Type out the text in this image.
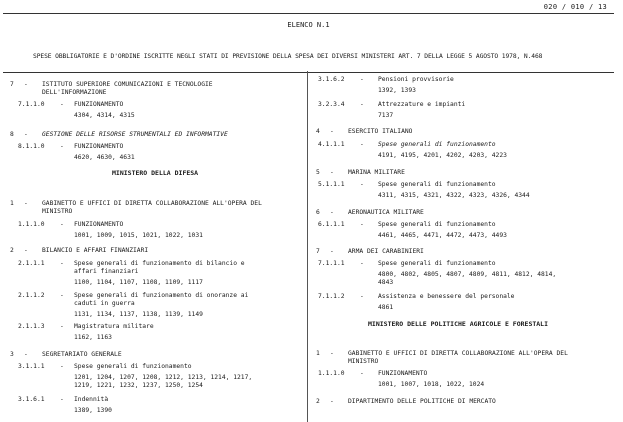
020 / 010 / 13
ELENCO N.1
SPESE OBBLIGATORIE E D'ORDINE ISCRITTE NEGLI STATI DI PREVISIONE DELLA SPESA DEI DIVERSI MINISTERI ART. 7 DELLA LEGGE 5 AGOSTO 1978, N.468
7 - ISTITUTO SUPERIORE COMUNICAZIONI E TECNOLOGIE
DELL'INFORMAZIONE
7.1.1.0 - FUNZIONAMENTO
4304, 4314, 4315
8 - GESTIONE DELLE RISORSE STRUMENTALI ED INFORMATIVE
8.1.1.0 - FUNZIONAMENTO
4620, 4630, 4631
MINISTERO DELLA DIFESA
1 - GABINETTO E UFFICI DI DIRETTA COLLABORAZIONE ALL'OPERA DEL
MINISTRO
1.1.1.0 - FUNZIONAMENTO
1001, 1009, 1015, 1021, 1022, 1031
2 - BILANCIO E AFFARI FINANZIARI
2.1.1.1 - Spese generali di funzionamento di bilancio e
affari finanziari
1100, 1104, 1107, 1108, 1109, 1117
2.1.1.2 - Spese generali di funzionamento di onoranze ai
caduti in guerra
1131, 1134, 1137, 1138, 1139, 1149
2.1.1.3 - Magistratura militare
1162, 1163
3 - SEGRETARIATO GENERALE
3.1.1.1 - Spese generali di funzionamento
1201, 1204, 1207, 1208, 1212, 1213, 1214, 1217,
1219, 1221, 1232, 1237, 1250, 1254
3.1.6.1 - Indennità
1389, 1390
3.1.6.2 - Pensioni provvisorie
1392, 1393
3.2.3.4 - Attrezzature e impianti
7137
4 - ESERCITO ITALIANO
4.1.1.1 - Spese generali di funzionamento
4191, 4195, 4201, 4202, 4203, 4223
5 - MARINA MILITARE
5.1.1.1 - Spese generali di funzionamento
4311, 4315, 4321, 4322, 4323, 4326, 4344
6 - AERONAUTICA MILITARE
6.1.1.1 - Spese generali di funzionamento
4461, 4465, 4471, 4472, 4473, 4493
7 - ARMA DEI CARABINIERI
7.1.1.1 - Spese generali di funzionamento
4800, 4802, 4805, 4807, 4809, 4811, 4812, 4814,
4843
7.1.1.2 - Assistenza e benessere del personale
4861
MINISTERO DELLE POLITICHE AGRICOLE E FORESTALI
1 - GABINETTO E UFFICI DI DIRETTA COLLABORAZIONE ALL'OPERA DEL
MINISTRO
1.1.1.0 - FUNZIONAMENTO
1001, 1007, 1018, 1022, 1024
2 - DIPARTIMENTO DELLE POLITICHE DI MERCATO
